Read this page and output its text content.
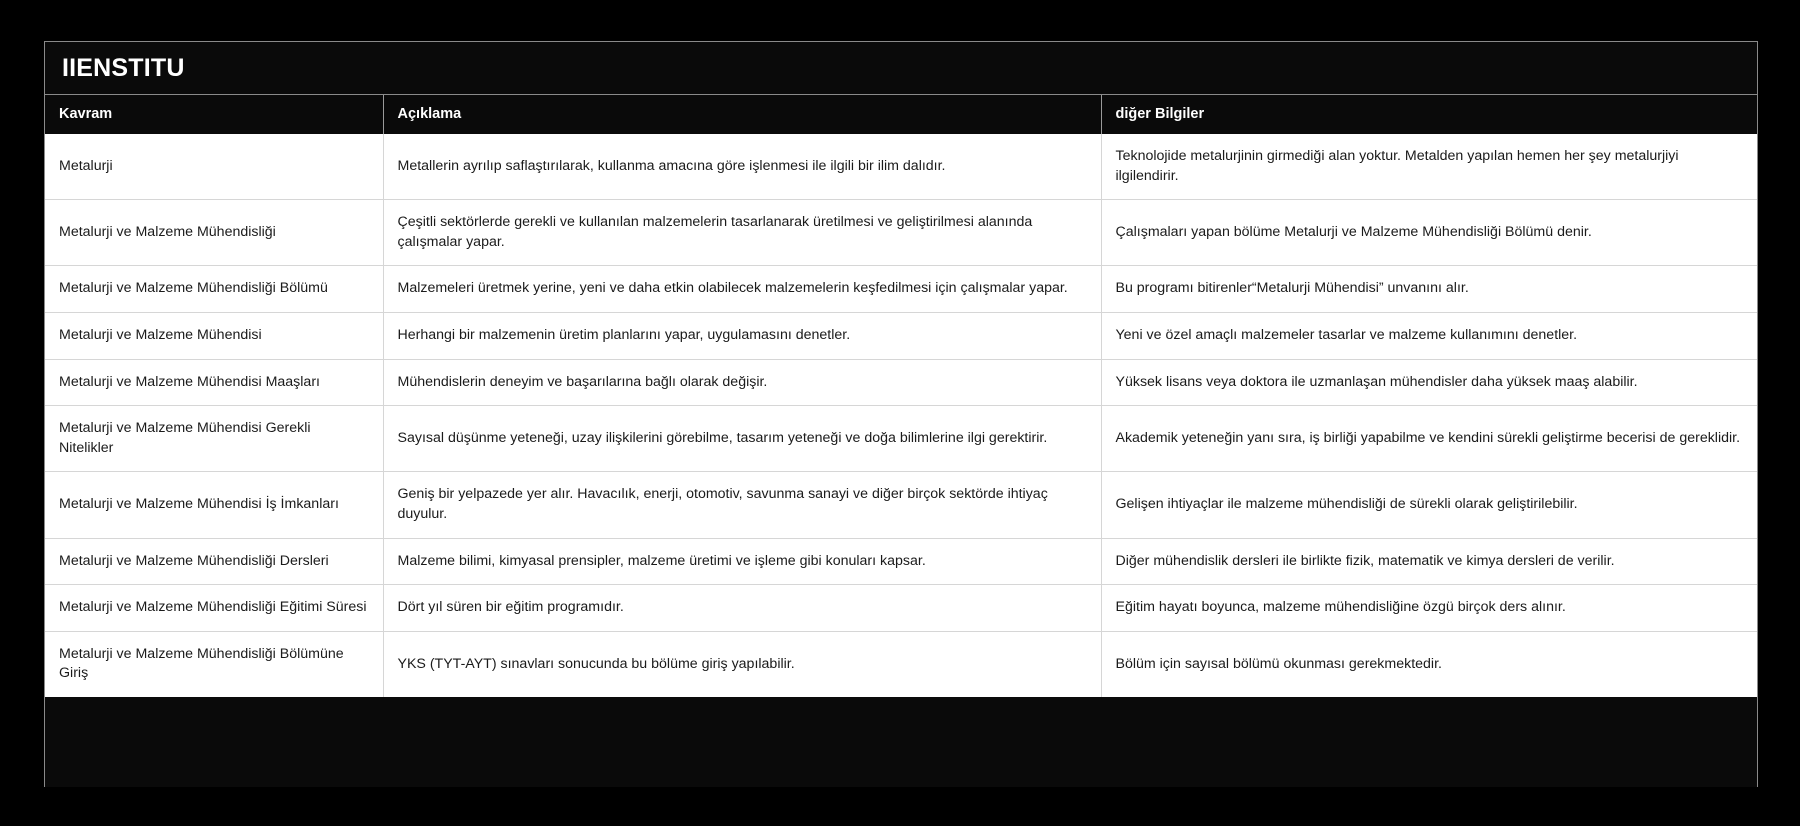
IIENSTITU
Kavram	Açıklama	diğer Bilgiler
Metalurji	Metallerin ayrılıp saflaştırılarak, kullanma amacına göre işlenmesi ile ilgili bir ilim dalıdır.	Teknolojide metalurjinin girmediği alan yoktur. Metalden yapılan hemen her şey metalurjiyi ilgilendirir.
Metalurji ve Malzeme Mühendisliği	Çeşitli sektörlerde gerekli ve kullanılan malzemelerin tasarlanarak üretilmesi ve geliştirilmesi alanında çalışmalar yapar.	Çalışmaları yapan bölüme Metalurji ve Malzeme Mühendisliği Bölümü denir.
Metalurji ve Malzeme Mühendisliği Bölümü	Malzemeleri üretmek yerine, yeni ve daha etkin olabilecek malzemelerin keşfedilmesi için çalışmalar yapar.	Bu programı bitirenler“Metalurji Mühendisi” unvanını alır.
Metalurji ve Malzeme Mühendisi	Herhangi bir malzemenin üretim planlarını yapar, uygulamasını denetler.	Yeni ve özel amaçlı malzemeler tasarlar ve malzeme kullanımını denetler.
Metalurji ve Malzeme Mühendisi Maaşları	Mühendislerin deneyim ve başarılarına bağlı olarak değişir.	Yüksek lisans veya doktora ile uzmanlaşan mühendisler daha yüksek maaş alabilir.
Metalurji ve Malzeme Mühendisi Gerekli Nitelikler	Sayısal düşünme yeteneği, uzay ilişkilerini görebilme, tasarım yeteneği ve doğa bilimlerine ilgi gerektirir.	Akademik yeteneğin yanı sıra, iş birliği yapabilme ve kendini sürekli geliştirme becerisi de gereklidir.
Metalurji ve Malzeme Mühendisi İş İmkanları	Geniş bir yelpazede yer alır. Havacılık, enerji, otomotiv, savunma sanayi ve diğer birçok sektörde ihtiyaç duyulur.	Gelişen ihtiyaçlar ile malzeme mühendisliği de sürekli olarak geliştirilebilir.
Metalurji ve Malzeme Mühendisliği Dersleri	Malzeme bilimi, kimyasal prensipler, malzeme üretimi ve işleme gibi konuları kapsar.	Diğer mühendislik dersleri ile birlikte fizik, matematik ve kimya dersleri de verilir.
Metalurji ve Malzeme Mühendisliği Eğitimi Süresi	Dört yıl süren bir eğitim programıdır.	Eğitim hayatı boyunca, malzeme mühendisliğine özgü birçok ders alınır.
Metalurji ve Malzeme Mühendisliği Bölümüne Giriş	YKS (TYT-AYT) sınavları sonucunda bu bölüme giriş yapılabilir.	Bölüm için sayısal bölümü okunması gerekmektedir.
